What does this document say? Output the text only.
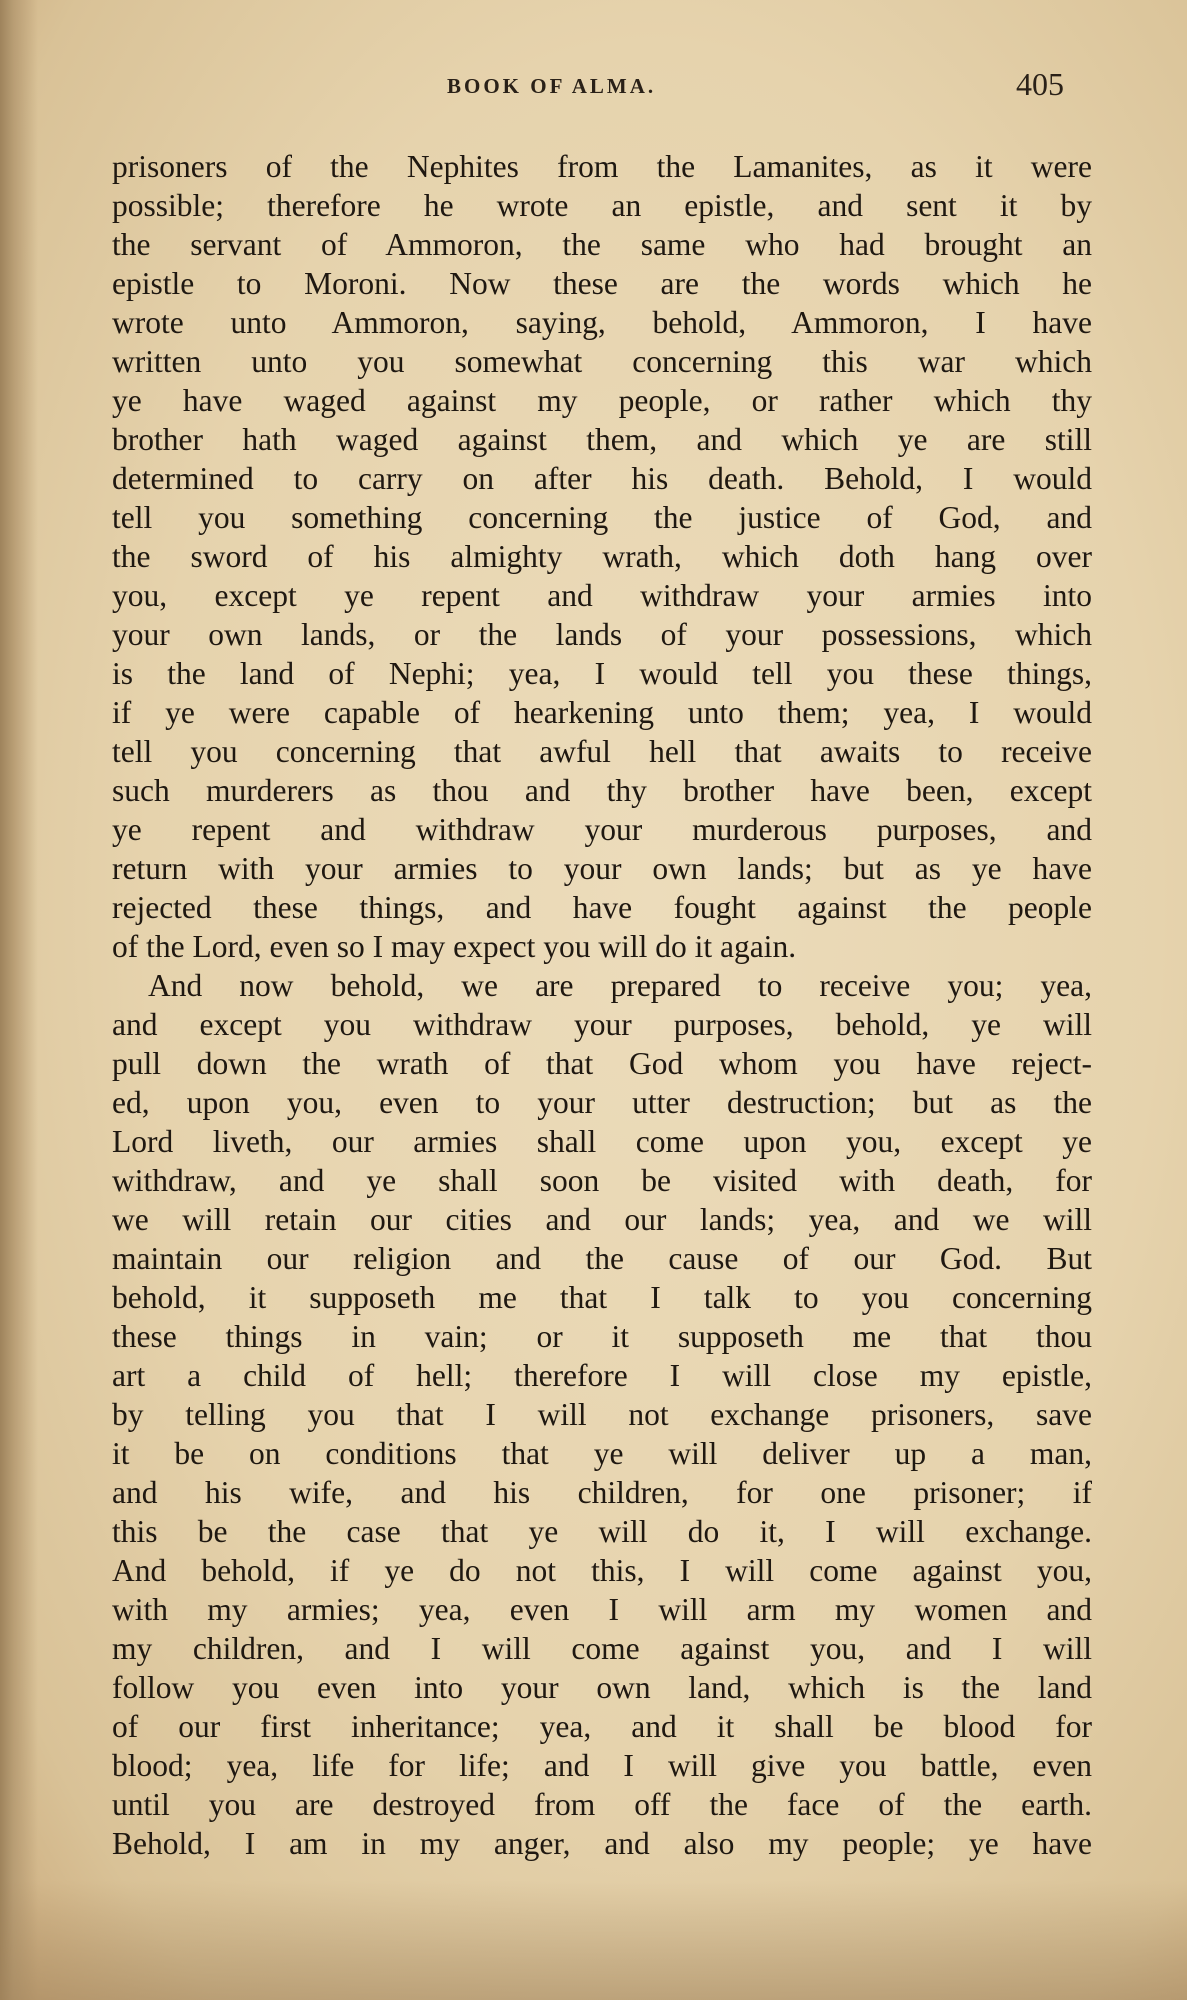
BOOK OF ALMA.	405
prisoners of the Nephites from the Lamanites, as it were
possible; therefore he wrote an epistle, and sent it by
the servant of Ammoron, the same who had brought an
epistle to Moroni. Now these are the words which he
wrote unto Ammoron, saying, behold, Ammoron, I have
written unto you somewhat concerning this war which
ye have waged against my people, or rather which thy
brother hath waged against them, and which ye are still
determined to carry on after his death. Behold, I would
tell you something concerning the justice of God, and
the sword of his almighty wrath, which doth hang over
you, except ye repent and withdraw your armies into
your own lands, or the lands of your possessions, which
is the land of Nephi; yea, I would tell you these things,
if ye were capable of hearkening unto them; yea, I would
tell you concerning that awful hell that awaits to receive
such murderers as thou and thy brother have been, except
ye repent and withdraw your murderous purposes, and
return with your armies to your own lands; but as ye have
rejected these things, and have fought against the people
of the Lord, even so I may expect you will do it again.
And now behold, we are prepared to receive you; yea,
and except you withdraw your purposes, behold, ye will
pull down the wrath of that God whom you have reject-
ed, upon you, even to your utter destruction; but as the
Lord liveth, our armies shall come upon you, except ye
withdraw, and ye shall soon be visited with death, for
we will retain our cities and our lands; yea, and we will
maintain our religion and the cause of our God. But
behold, it supposeth me that I talk to you concerning
these things in vain; or it supposeth me that thou
art a child of hell; therefore I will close my epistle,
by telling you that I will not exchange prisoners, save
it be on conditions that ye will deliver up a man,
and his wife, and his children, for one prisoner; if
this be the case that ye will do it, I will exchange.
And behold, if ye do not this, I will come against you,
with my armies; yea, even I will arm my women and
my children, and I will come against you, and I will
follow you even into your own land, which is the land
of our first inheritance; yea, and it shall be blood for
blood; yea, life for life; and I will give you battle, even
until you are destroyed from off the face of the earth.
Behold, I am in my anger, and also my people; ye have
